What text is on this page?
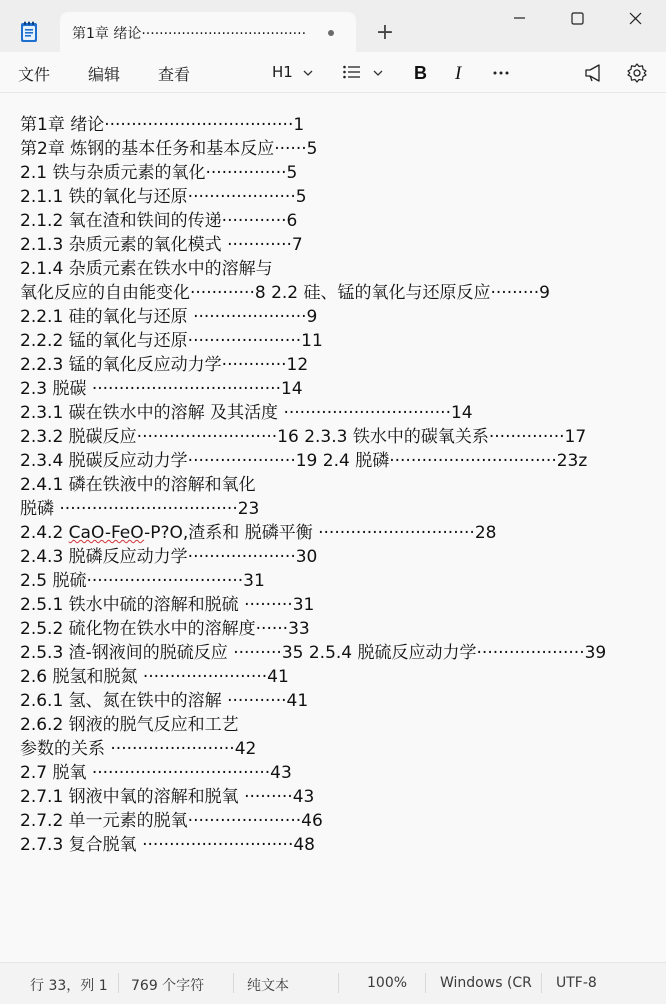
第1章 绪论·····································	+
文件 编辑 查看	H1	B I
第1章 绪论···································1
第2章 炼钢的基本任务和基本反应······5
2.1 铁与杂质元素的氧化···············5
2.1.1 铁的氧化与还原····················5
2.1.2 氧在渣和铁间的传递············6
2.1.3 杂质元素的氧化模式 ············7
2.1.4 杂质元素在铁水中的溶解与
氧化反应的自由能变化············8 2.2 硅、锰的氧化与还原反应·········9
2.2.1 硅的氧化与还原 ·····················9
2.2.2 锰的氧化与还原·····················11
2.2.3 锰的氧化反应动力学············12
2.3 脱碳 ···································14
2.3.1 碳在铁水中的溶解 及其活度 ·······························14
2.3.2 脱碳反应··························16 2.3.3 铁水中的碳氧关系··············17
2.3.4 脱碳反应动力学····················19 2.4 脱磷·······························23z
2.4.1 磷在铁液中的溶解和氧化
脱磷 ·································23
2.4.2 CaO-FeO-P?O,渣系和 脱磷平衡 ·····························28
2.4.3 脱磷反应动力学····················30
2.5 脱硫·····························31
2.5.1 铁水中硫的溶解和脱硫 ·········31
2.5.2 硫化物在铁水中的溶解度······33
2.5.3 渣-钢液间的脱硫反应 ·········35 2.5.4 脱硫反应动力学····················39
2.6 脱氢和脱氮 ·······················41
2.6.1 氢、氮在铁中的溶解 ···········41
2.6.2 钢液的脱气反应和工艺
参数的关系 ·······················42
2.7 脱氧 ·································43
2.7.1 钢液中氧的溶解和脱氧 ·········43
2.7.2 单一元素的脱氧·····················46
2.7.3 复合脱氧 ····························48
行 33，列 1 769 个字符	纯文本	100% Windows (CR UTF-8
